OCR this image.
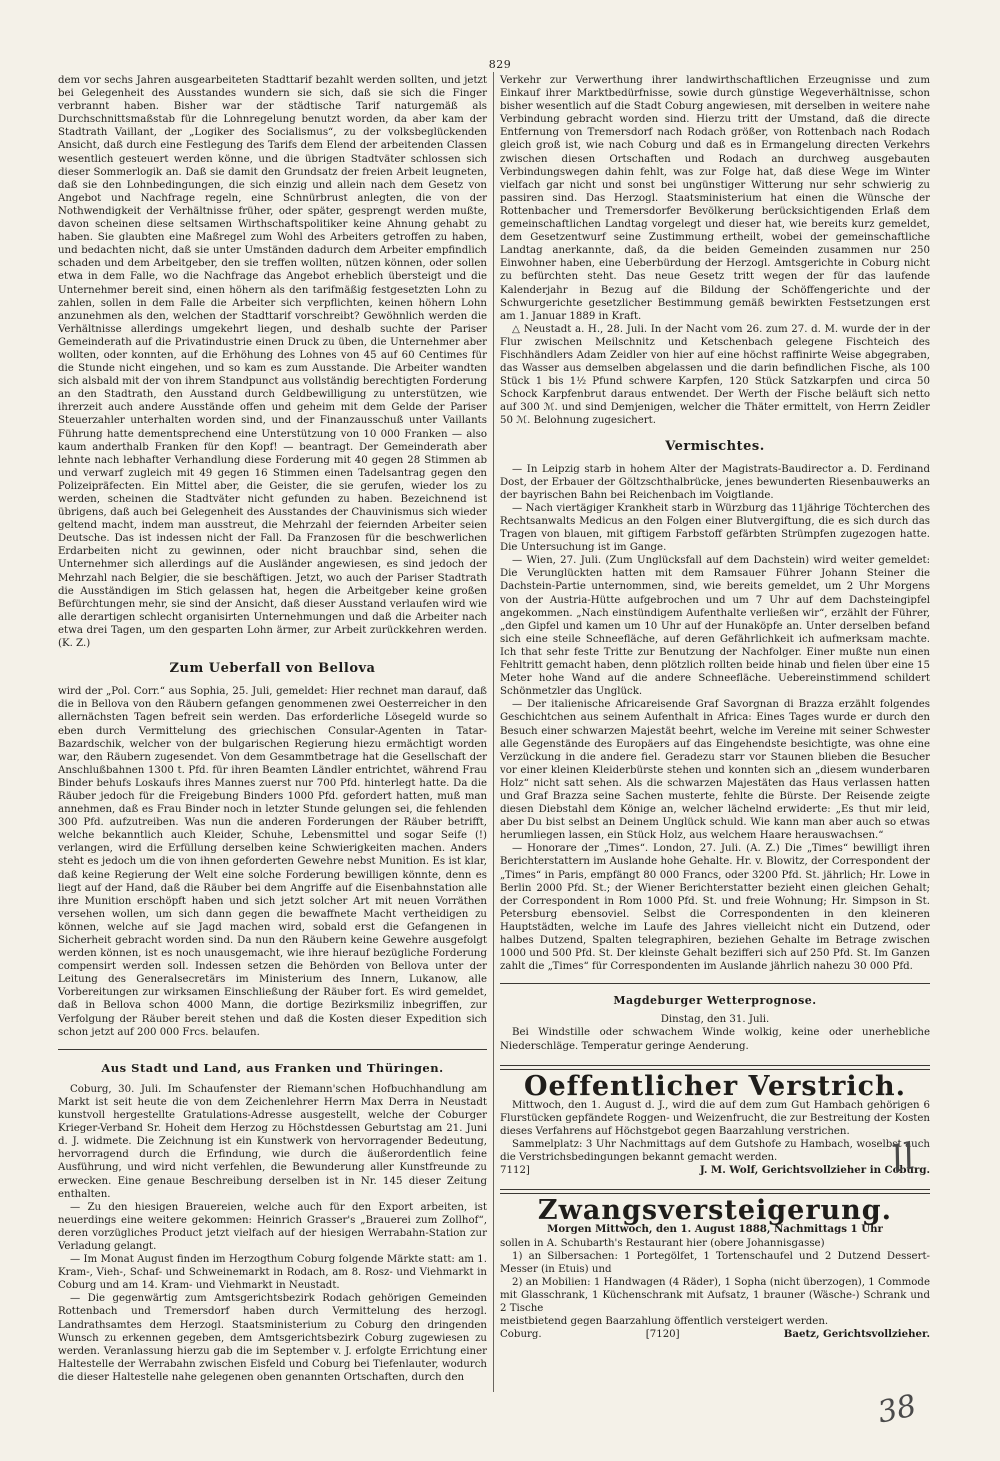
829

dem vor sechs Jahren ausgearbeiteten Stadttarif bezahlt werden sollten, und jetzt bei Gelegenheit des Ausstandes wundern sie sich, daß sie sich die Finger verbrannt haben. Bisher war der städtische Tarif naturgemäß als Durchschnittsmaßstab für die Lohnregelung benutzt worden, da aber kam der Stadtrath Vaillant, der „Logiker des Socialismus“, zu der volksbeglückenden Ansicht, daß durch eine Festlegung des Tarifs dem Elend der arbeitenden Classen wesentlich gesteuert werden könne, und die übrigen Stadtväter schlossen sich dieser Sommerlogik an. Daß sie damit den Grundsatz der freien Arbeit leugneten, daß sie den Lohnbedingungen, die sich einzig und allein nach dem Gesetz von Angebot und Nachfrage regeln, eine Schnürbrust anlegten, die von der Nothwendigkeit der Verhältnisse früher, oder später, gesprengt werden mußte, davon scheinen diese seltsamen Wirthschaftspolitiker keine Ahnung gehabt zu haben. Sie glaubten eine Maßregel zum Wohl des Arbeiters getroffen zu haben, und bedachten nicht, daß sie unter Umständen dadurch dem Arbeiter empfindlich schaden und dem Arbeitgeber, den sie treffen wollten, nützen können, oder sollen etwa in dem Falle, wo die Nachfrage das Angebot erheblich übersteigt und die Unternehmer bereit sind, einen höhern als den tarifmäßig festgesetzten Lohn zu zahlen, sollen in dem Falle die Arbeiter sich verpflichten, keinen höhern Lohn anzunehmen als den, welchen der Stadttarif vorschreibt? Gewöhnlich werden die Verhältnisse allerdings umgekehrt liegen, und deshalb suchte der Pariser Gemeinderath auf die Privatindustrie einen Druck zu üben, die Unternehmer aber wollten, oder konnten, auf die Erhöhung des Lohnes von 45 auf 60 Centimes für die Stunde nicht eingehen, und so kam es zum Ausstande. Die Arbeiter wandten sich alsbald mit der von ihrem Standpunct aus vollständig berechtigten Forderung an den Stadtrath, den Ausstand durch Geldbewilligung zu unterstützen, wie ihrerzeit auch andere Ausstände offen und geheim mit dem Gelde der Pariser Steuerzahler unterhalten worden sind, und der Finanzausschuß unter Vaillants Führung hatte dementsprechend eine Unterstützung von 10 000 Franken — also kaum anderthalb Franken für den Kopf! — beantragt. Der Gemeinderath aber lehnte nach lebhafter Verhandlung diese Forderung mit 40 gegen 28 Stimmen ab und verwarf zugleich mit 49 gegen 16 Stimmen einen Tadelsantrag gegen den Polizeipräfecten. Ein Mittel aber, die Geister, die sie gerufen, wieder los zu werden, scheinen die Stadtväter nicht gefunden zu haben. Bezeichnend ist übrigens, daß auch bei Gelegenheit des Ausstandes der Chauvinismus sich wieder geltend macht, indem man ausstreut, die Mehrzahl der feiernden Arbeiter seien Deutsche. Das ist indessen nicht der Fall. Da Franzosen für die beschwerlichen Erdarbeiten nicht zu gewinnen, oder nicht brauchbar sind, sehen die Unternehmer sich allerdings auf die Ausländer angewiesen, es sind jedoch der Mehrzahl nach Belgier, die sie beschäftigen. Jetzt, wo auch der Pariser Stadtrath die Ausständigen im Stich gelassen hat, hegen die Arbeitgeber keine großen Befürchtungen mehr, sie sind der Ansicht, daß dieser Ausstand verlaufen wird wie alle derartigen schlecht organisirten Unternehmungen und daß die Arbeiter nach etwa drei Tagen, um den gesparten Lohn ärmer, zur Arbeit zurückkehren werden. (K. Z.)

Zum Ueberfall von Bellova

wird der „Pol. Corr.“ aus Sophia, 25. Juli, gemeldet: Hier rechnet man darauf, daß die in Bellova von den Räubern gefangen genommenen zwei Oesterreicher in den allernächsten Tagen befreit sein werden. Das erforderliche Lösegeld wurde so eben durch Vermittelung des griechischen Consular-Agenten in Tatar-Bazardschik, welcher von der bulgarischen Regierung hiezu ermächtigt worden war, den Räubern zugesendet. Von dem Gesammtbetrage hat die Gesellschaft der Anschlußbahnen 1300 t. Pfd. für ihren Beamten Ländler entrichtet, während Frau Binder behufs Loskaufs ihres Mannes zuerst nur 700 Pfd. hinterlegt hatte. Da die Räuber jedoch für die Freigebung Binders 1000 Pfd. gefordert hatten, muß man annehmen, daß es Frau Binder noch in letzter Stunde gelungen sei, die fehlenden 300 Pfd. aufzutreiben. Was nun die anderen Forderungen der Räuber betrifft, welche bekanntlich auch Kleider, Schuhe, Lebensmittel und sogar Seife (!) verlangen, wird die Erfüllung derselben keine Schwierigkeiten machen. Anders steht es jedoch um die von ihnen geforderten Gewehre nebst Munition. Es ist klar, daß keine Regierung der Welt eine solche Forderung bewilligen könnte, denn es liegt auf der Hand, daß die Räuber bei dem Angriffe auf die Eisenbahnstation alle ihre Munition erschöpft haben und sich jetzt solcher Art mit neuen Vorräthen versehen wollen, um sich dann gegen die bewaffnete Macht vertheidigen zu können, welche auf sie Jagd machen wird, sobald erst die Gefangenen in Sicherheit gebracht worden sind. Da nun den Räubern keine Gewehre ausgefolgt werden können, ist es noch unausgemacht, wie ihre hierauf bezügliche Forderung compensirt werden soll. Indessen setzen die Behörden von Bellova unter der Leitung des Generalsecretärs im Ministerium des Innern, Lukanow, alle Vorbereitungen zur wirksamen Einschließung der Räuber fort. Es wird gemeldet, daß in Bellova schon 4000 Mann, die dortige Bezirksmiliz inbegriffen, zur Verfolgung der Räuber bereit stehen und daß die Kosten dieser Expedition sich schon jetzt auf 200 000 Frcs. belaufen.

Aus Stadt und Land, aus Franken und Thüringen.

Coburg, 30. Juli. Im Schaufenster der Riemann'schen Hofbuchhandlung am Markt ist seit heute die von dem Zeichenlehrer Herrn Max Derra in Neustadt kunstvoll hergestellte Gratulations-Adresse ausgestellt, welche der Coburger Krieger-Verband Sr. Hoheit dem Herzog zu Höchstdessen Geburtstag am 21. Juni d. J. widmete. Die Zeichnung ist ein Kunstwerk von hervorragender Bedeutung, hervorragend durch die Erfindung, wie durch die äußerordentlich feine Ausführung, und wird nicht verfehlen, die Bewunderung aller Kunstfreunde zu erwecken. Eine genaue Beschreibung derselben ist in Nr. 145 dieser Zeitung enthalten.

— Zu den hiesigen Brauereien, welche auch für den Export arbeiten, ist neuerdings eine weitere gekommen: Heinrich Grasser's „Brauerei zum Zollhof“, deren vorzügliches Product jetzt vielfach auf der hiesigen Werrabahn-Station zur Verladung gelangt.

— Im Monat August finden im Herzogthum Coburg folgende Märkte statt: am 1. Kram-, Vieh-, Schaf- und Schweinemarkt in Rodach, am 8. Rosz- und Viehmarkt in Coburg und am 14. Kram- und Viehmarkt in Neustadt.

— Die gegenwärtig zum Amtsgerichtsbezirk Rodach gehörigen Gemeinden Rottenbach und Tremersdorf haben durch Vermittelung des herzogl. Landrathsamtes dem Herzogl. Staatsministerium zu Coburg den dringenden Wunsch zu erkennen gegeben, dem Amtsgerichtsbezirk Coburg zugewiesen zu werden. Veranlassung hierzu gab die im September v. J. erfolgte Errichtung einer Haltestelle der Werrabahn zwischen Eisfeld und Coburg bei Tiefenlauter, wodurch die dieser Haltestelle nahe gelegenen oben genannten Ortschaften, durch den

Verkehr zur Verwerthung ihrer landwirthschaftlichen Erzeugnisse und zum Einkauf ihrer Marktbedürfnisse, sowie durch günstige Wegeverhältnisse, schon bisher wesentlich auf die Stadt Coburg angewiesen, mit derselben in weitere nahe Verbindung gebracht worden sind. Hierzu tritt der Umstand, daß die directe Entfernung von Tremersdorf nach Rodach größer, von Rottenbach nach Rodach gleich groß ist, wie nach Coburg und daß es in Ermangelung directen Verkehrs zwischen diesen Ortschaften und Rodach an durchweg ausgebauten Verbindungswegen dahin fehlt, was zur Folge hat, daß diese Wege im Winter vielfach gar nicht und sonst bei ungünstiger Witterung nur sehr schwierig zu passiren sind. Das Herzogl. Staatsministerium hat einen die Wünsche der Rottenbacher und Tremersdorfer Bevölkerung berücksichtigenden Erlaß dem gemeinschaftlichen Landtag vorgelegt und dieser hat, wie bereits kurz gemeldet, dem Gesetzentwurf seine Zustimmung ertheilt, wobei der gemeinschaftliche Landtag anerkannte, daß, da die beiden Gemeinden zusammen nur 250 Einwohner haben, eine Ueberbürdung der Herzogl. Amtsgerichte in Coburg nicht zu befürchten steht. Das neue Gesetz tritt wegen der für das laufende Kalenderjahr in Bezug auf die Bildung der Schöffengerichte und der Schwurgerichte gesetzlicher Bestimmung gemäß bewirkten Festsetzungen erst am 1. Januar 1889 in Kraft.

△ Neustadt a. H., 28. Juli. In der Nacht vom 26. zum 27. d. M. wurde der in der Flur zwischen Meilschnitz und Ketschenbach gelegene Fischteich des Fischhändlers Adam Zeidler von hier auf eine höchst raffinirte Weise abgegraben, das Wasser aus demselben abgelassen und die darin befindlichen Fische, als 100 Stück 1 bis 1½ Pfund schwere Karpfen, 120 Stück Satzkarpfen und circa 50 Schock Karpfenbrut daraus entwendet. Der Werth der Fische beläuft sich netto auf 300 ℳ. und sind Demjenigen, welcher die Thäter ermittelt, von Herrn Zeidler 50 ℳ. Belohnung zugesichert.

Vermischtes.

— In Leipzig starb in hohem Alter der Magistrats-Baudirector a. D. Ferdinand Dost, der Erbauer der Göltzschthalbrücke, jenes bewunderten Riesenbauwerks an der bayrischen Bahn bei Reichenbach im Voigtlande.

— Nach viertägiger Krankheit starb in Würzburg das 11jährige Töchterchen des Rechtsanwalts Medicus an den Folgen einer Blutvergiftung, die es sich durch das Tragen von blauen, mit giftigem Farbstoff gefärbten Strümpfen zugezogen hatte. Die Untersuchung ist im Gange.

— Wien, 27. Juli. (Zum Unglücksfall auf dem Dachstein) wird weiter gemeldet: Die Verunglückten hatten mit dem Ramsauer Führer Johann Steiner die Dachstein-Partie unternommen, sind, wie bereits gemeldet, um 2 Uhr Morgens von der Austria-Hütte aufgebrochen und um 7 Uhr auf dem Dachsteingipfel angekommen. „Nach einstündigem Aufenthalte verließen wir“, erzählt der Führer, „den Gipfel und kamen um 10 Uhr auf der Hunaköpfe an. Unter derselben befand sich eine steile Schneefläche, auf deren Gefährlichkeit ich aufmerksam machte. Ich that sehr feste Tritte zur Benutzung der Nachfolger. Einer mußte nun einen Fehltritt gemacht haben, denn plötzlich rollten beide hinab und fielen über eine 15 Meter hohe Wand auf die andere Schneefläche. Uebereinstimmend schildert Schönmetzler das Unglück.

— Der italienische Africareisende Graf Savorgnan di Brazza erzählt folgendes Geschichtchen aus seinem Aufenthalt in Africa: Eines Tages wurde er durch den Besuch einer schwarzen Majestät beehrt, welche im Vereine mit seiner Schwester alle Gegenstände des Europäers auf das Eingehendste besichtigte, was ohne eine Verzückung in die andere fiel. Geradezu starr vor Staunen blieben die Besucher vor einer kleinen Kleiderbürste stehen und konnten sich an „diesem wunderbaren Holz“ nicht satt sehen. Als die schwarzen Majestäten das Haus verlassen hatten und Graf Brazza seine Sachen musterte, fehlte die Bürste. Der Reisende zeigte diesen Diebstahl dem Könige an, welcher lächelnd erwiderte: „Es thut mir leid, aber Du bist selbst an Deinem Unglück schuld. Wie kann man aber auch so etwas herumliegen lassen, ein Stück Holz, aus welchem Haare herauswachsen.“

— Honorare der „Times“. London, 27. Juli. (A. Z.) Die „Times“ bewilligt ihren Berichterstattern im Auslande hohe Gehalte. Hr. v. Blowitz, der Correspondent der „Times“ in Paris, empfängt 80 000 Francs, oder 3200 Pfd. St. jährlich; Hr. Lowe in Berlin 2000 Pfd. St.; der Wiener Berichterstatter bezieht einen gleichen Gehalt; der Correspondent in Rom 1000 Pfd. St. und freie Wohnung; Hr. Simpson in St. Petersburg ebensoviel. Selbst die Correspondenten in den kleineren Hauptstädten, welche im Laufe des Jahres vielleicht nicht ein Dutzend, oder halbes Dutzend, Spalten telegraphiren, beziehen Gehalte im Betrage zwischen 1000 und 500 Pfd. St. Der kleinste Gehalt bezifferi sich auf 250 Pfd. St. Im Ganzen zahlt die „Times“ für Correspondenten im Auslande jährlich nahezu 30 000 Pfd.

Magdeburger Wetterprognose.

Dinstag, den 31. Juli.

Bei Windstille oder schwachem Winde wolkig, keine oder unerhebliche Niederschläge. Temperatur geringe Aenderung.

Oeffentlicher Verstrich.

Mittwoch, den 1. August d. J., wird die auf dem zum Gut Hambach gehörigen 6 Flurstücken gepfändete Roggen- und Weizenfrucht, die zur Bestreitung der Kosten dieses Verfahrens auf Höchstgebot gegen Baarzahlung verstrichen.

Sammelplatz: 3 Uhr Nachmittags auf dem Gutshofe zu Hambach, woselbst auch die Verstrichsbedingungen bekannt gemacht werden.

7112]	J. M. Wolf, Gerichtsvollzieher in Coburg.
Zwangsversteigerung.

Morgen Mittwoch, den 1. August 1888, Nachmittags 1 Uhr

sollen in A. Schubarth's Restaurant hier (obere Johannisgasse)

1) an Silbersachen: 1 Portegölfet, 1 Tortenschaufel und 2 Dutzend Dessert-Messer (in Etuis) und

2) an Mobilien: 1 Handwagen (4 Räder), 1 Sopha (nicht überzogen), 1 Commode mit Glasschrank, 1 Küchenschrank mit Aufsatz, 1 brauner (Wäsche-) Schrank und 2 Tische

meistbietend gegen Baarzahlung öffentlich versteigert werden.

Coburg.	[7120]	Baetz, Gerichtsvollzieher.
ll
38
